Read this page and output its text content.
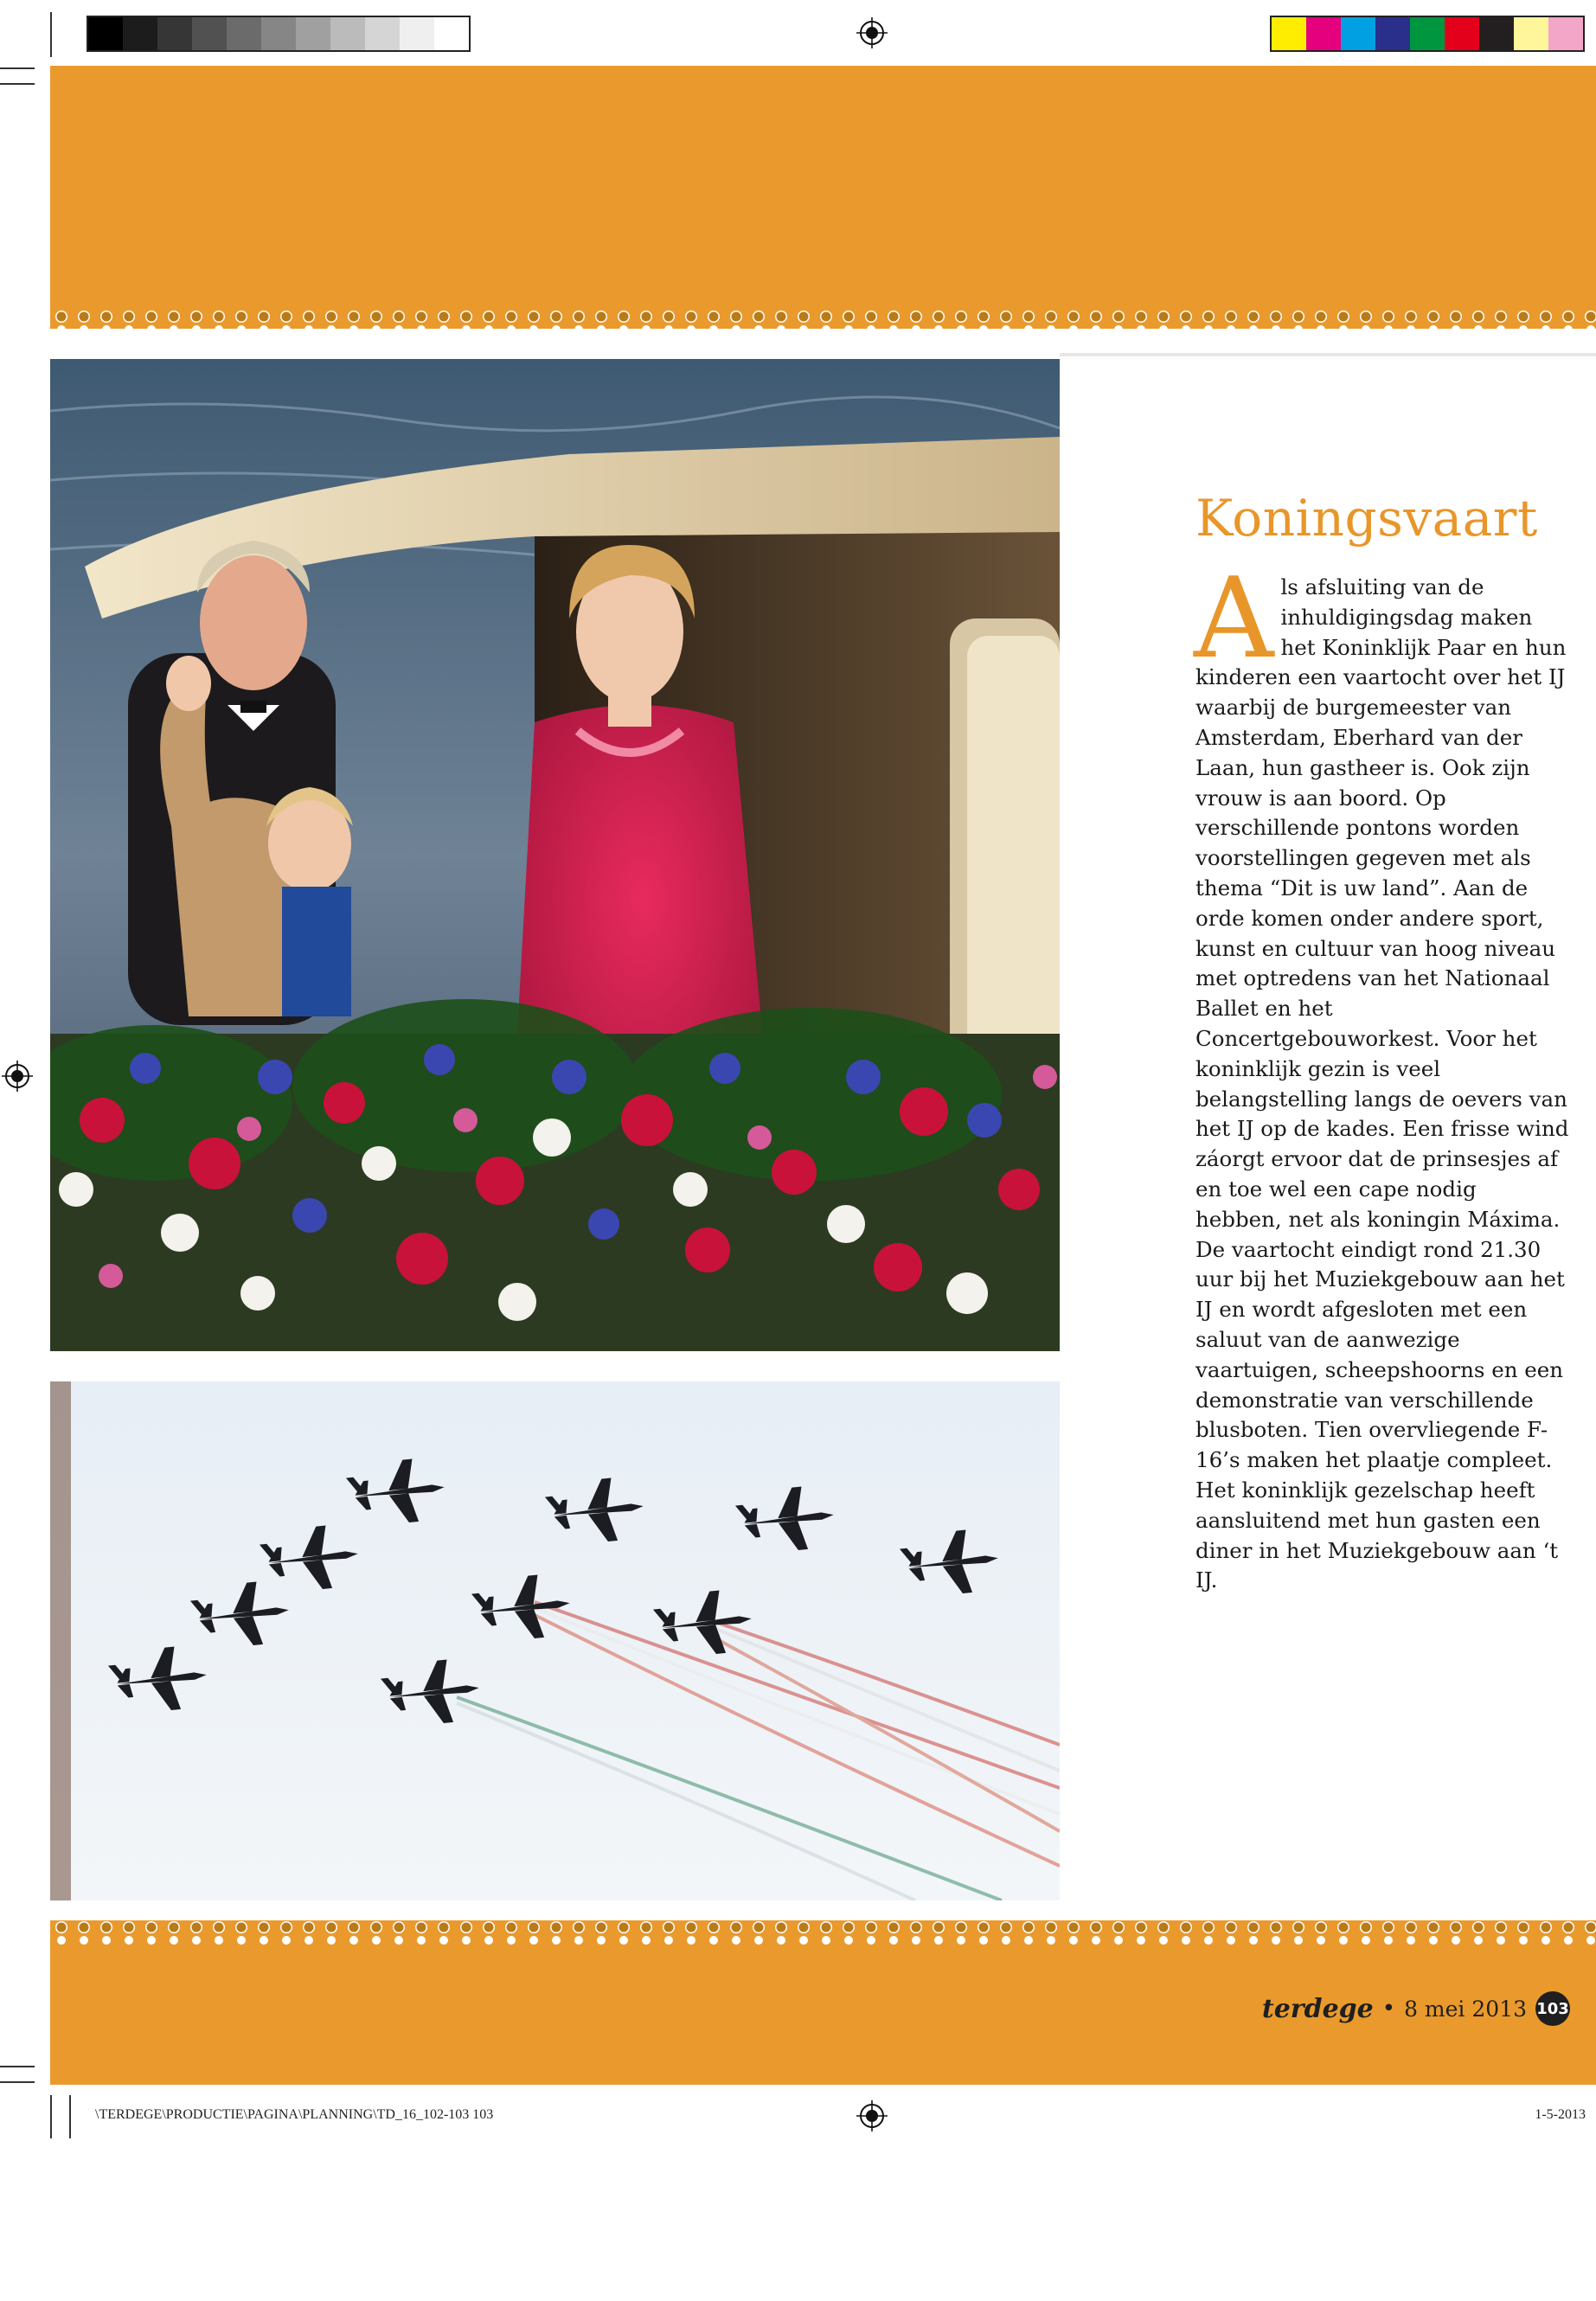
Koningsvaart

Als afsluiting van de inhuldigingsdag maken het Koninklijk Paar en hun kinderen een vaartocht over het IJ waarbij de burgemeester van Amsterdam, Eberhard van der Laan, hun gastheer is. Ook zijn vrouw is aan boord. Op verschillende pontons worden voorstellingen gegeven met als thema “Dit is uw land”. Aan de orde komen onder andere sport, kunst en cultuur van hoog niveau met optredens van het Nationaal Ballet en het Concertgebouworkest. Voor het koninklijk gezin is veel belangstelling langs de oevers van het IJ op de kades. Een frisse wind záorgt ervoor dat de prinsesjes af en toe wel een cape nodig hebben, net als koningin Máxima.

De vaartocht eindigt rond 21.30 uur bij het Muziekgebouw aan het IJ en wordt afgesloten met een saluut van de aanwezige vaartuigen, scheepshoorns en een demonstratie van verschillende blusboten. Tien overvliegende F-16’s maken het plaatje compleet.

Het koninklijk gezelschap heeft aansluitend met hun gasten een diner in het Muziekgebouw aan ‘t IJ.

terdege • 8 mei 2013 103
\TERDEGE\PRODUCTIE\PAGINA\PLANNING\TD_16_102-103 103	1-5-2013
